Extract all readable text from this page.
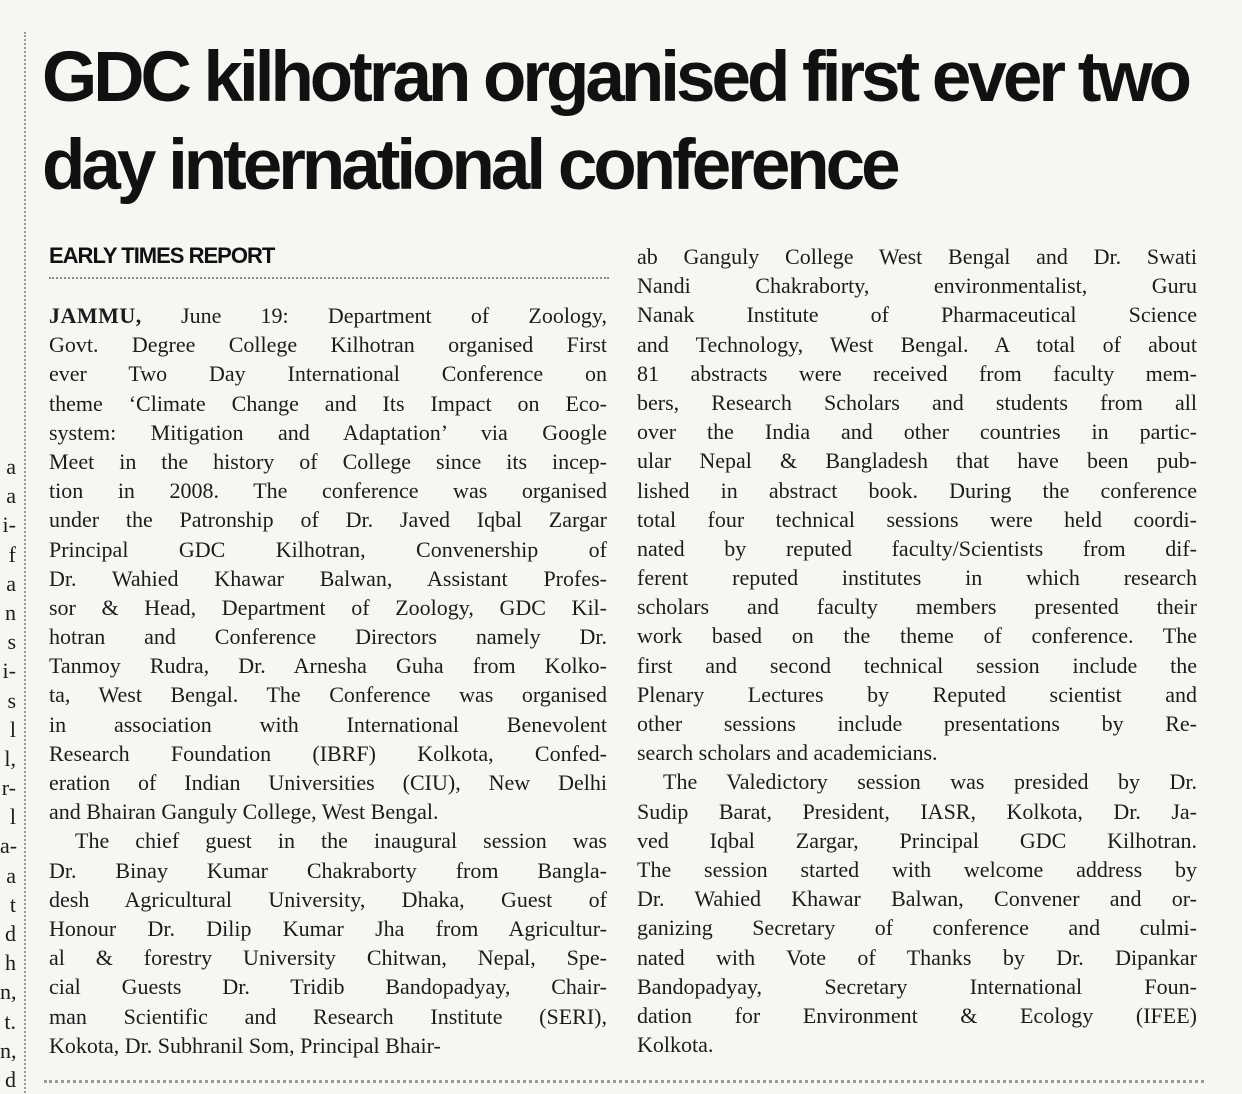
a
a
i-
f
a
n
s
i-
s
l
l,
r-
l
a-
a
t
d
h
n,
t.
n,
d
GDC kilhotran organised first ever two
day international conference
EARLY TIMES REPORT
JAMMU, June 19: Department of Zoology,
Govt. Degree College Kilhotran organised First
ever Two Day International Conference on
theme ‘Climate Change and Its Impact on Eco-
system: Mitigation and Adaptation’ via Google
Meet in the history of College since its incep-
tion in 2008. The conference was organised
under the Patronship of Dr. Javed Iqbal Zargar
Principal GDC Kilhotran, Convenership of
Dr. Wahied Khawar Balwan, Assistant Profes-
sor & Head, Department of Zoology, GDC Kil-
hotran and Conference Directors namely Dr.
Tanmoy Rudra, Dr. Arnesha Guha from Kolko-
ta, West Bengal. The Conference was organised
in association with International Benevolent
Research Foundation (IBRF) Kolkota, Confed-
eration of Indian Universities (CIU), New Delhi
and Bhairan Ganguly College, West Bengal.
The chief guest in the inaugural session was
Dr. Binay Kumar Chakraborty from Bangla-
desh Agricultural University, Dhaka, Guest of
Honour Dr. Dilip Kumar Jha from Agricultur-
al & forestry University Chitwan, Nepal, Spe-
cial Guests Dr. Tridib Bandopadyay, Chair-
man Scientific and Research Institute (SERI),
Kokota, Dr. Subhranil Som, Principal Bhair-
ab Ganguly College West Bengal and Dr. Swati
Nandi Chakraborty, environmentalist, Guru
Nanak Institute of Pharmaceutical Science
and Technology, West Bengal. A total of about
81 abstracts were received from faculty mem-
bers, Research Scholars and students from all
over the India and other countries in partic-
ular Nepal & Bangladesh that have been pub-
lished in abstract book. During the conference
total four technical sessions were held coordi-
nated by reputed faculty/Scientists from dif-
ferent reputed institutes in which research
scholars and faculty members presented their
work based on the theme of conference. The
first and second technical session include the
Plenary Lectures by Reputed scientist and
other sessions include presentations by Re-
search scholars and academicians.
The Valedictory session was presided by Dr.
Sudip Barat, President, IASR, Kolkota, Dr. Ja-
ved Iqbal Zargar, Principal GDC Kilhotran.
The session started with welcome address by
Dr. Wahied Khawar Balwan, Convener and or-
ganizing Secretary of conference and culmi-
nated with Vote of Thanks by Dr. Dipankar
Bandopadyay, Secretary International Foun-
dation for Environment & Ecology (IFEE)
Kolkota.
